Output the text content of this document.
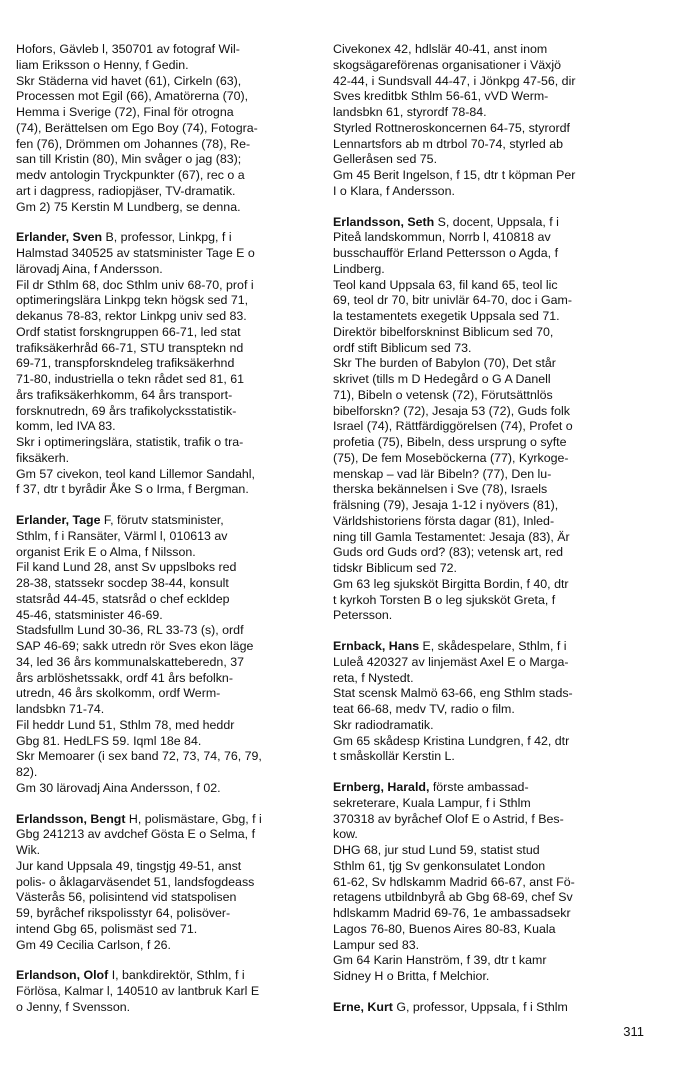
Hofors, Gävleb l, 350701 av fotograf Wil-
liam Eriksson o Henny, f Gedin.
Skr Städerna vid havet (61), Cirkeln (63),
Processen mot Egil (66), Amatörerna (70),
Hemma i Sverige (72), Final för otrogna
(74), Berättelsen om Ego Boy (74), Fotogra-
fen (76), Drömmen om Johannes (78), Re-
san till Kristin (80), Min svåger o jag (83);
medv antologin Tryckpunkter (67), rec o a
art i dagpress, radiopjäser, TV-dramatik.
Gm 2) 75 Kerstin M Lundberg, se denna.
Erlander, Sven B, professor, Linkpg, f i
Halmstad 340525 av statsminister Tage E o
lärovadj Aina, f Andersson.
Fil dr Sthlm 68, doc Sthlm univ 68-70, prof i
optimeringslära Linkpg tekn högsk sed 71,
dekanus 78-83, rektor Linkpg univ sed 83.
Ordf statist forskngruppen 66-71, led stat
trafiksäkerhråd 66-71, STU transptekn nd
69-71, transpforskndeleg trafiksäkerhnd
71-80, industriella o tekn rådet sed 81, 61
års trafiksäkerhkomm, 64 års transport-
forsknutredn, 69 års trafikolycksstatistik-
komm, led IVA 83.
Skr i optimeringslära, statistik, trafik o tra-
fiksäkerh.
Gm 57 civekon, teol kand Lillemor Sandahl,
f 37, dtr t byrådir Åke S o Irma, f Bergman.
Erlander, Tage F, förutv statsminister,
Sthlm, f i Ransäter, Värml l, 010613 av
organist Erik E o Alma, f Nilsson.
Fil kand Lund 28, anst Sv uppslboks red
28-38, statssekr socdep 38-44, konsult
statsråd 44-45, statsråd o chef eckldep
45-46, statsminister 46-69.
Stadsfullm Lund 30-36, RL 33-73 (s), ordf
SAP 46-69; sakk utredn rör Sves ekon läge
34, led 36 års kommunalskatteberedn, 37
års arblöshetssakk, ordf 41 års befolkn-
utredn, 46 års skolkomm, ordf Werm-
landsbkn 71-74.
Fil heddr Lund 51, Sthlm 78, med heddr
Gbg 81. HedLFS 59. Iqml 18e 84.
Skr Memoarer (i sex band 72, 73, 74, 76, 79,
82).
Gm 30 lärovadj Aina Andersson, f 02.
Erlandsson, Bengt H, polismästare, Gbg, f i
Gbg 241213 av avdchef Gösta E o Selma, f
Wik.
Jur kand Uppsala 49, tingstjg 49-51, anst
polis- o åklagarväsendet 51, landsfogdeass
Västerås 56, polisintend vid statspolisen
59, byråchef rikspolisstyr 64, polisöver-
intend Gbg 65, polismäst sed 71.
Gm 49 Cecilia Carlson, f 26.
Erlandson, Olof I, bankdirektör, Sthlm, f i
Förlösa, Kalmar l, 140510 av lantbruk Karl E
o Jenny, f Svensson.
Civekonex 42, hdlslär 40-41, anst inom
skogsägareförenas organisationer i Växjö
42-44, i Sundsvall 44-47, i Jönkpg 47-56, dir
Sves kreditbk Sthlm 56-61, vVD Werm-
landsbkn 61, styrordf 78-84.
Styrled Rottneroskoncernen 64-75, styrordf
Lennartsfors ab m dtrbol 70-74, styrled ab
Gelleråsen sed 75.
Gm 45 Berit Ingelson, f 15, dtr t köpman Per
I o Klara, f Andersson.
Erlandsson, Seth S, docent, Uppsala, f i
Piteå landskommun, Norrb l, 410818 av
busschaufför Erland Pettersson o Agda, f
Lindberg.
Teol kand Uppsala 63, fil kand 65, teol lic
69, teol dr 70, bitr univlär 64-70, doc i Gam-
la testamentets exegetik Uppsala sed 71.
Direktör bibelforskninst Biblicum sed 70,
ordf stift Biblicum sed 73.
Skr The burden of Babylon (70), Det står
skrivet (tills m D Hedegård o G A Danell
71), Bibeln o vetensk (72), Förutsättnlös
bibelforskn? (72), Jesaja 53 (72), Guds folk
Israel (74), Rättfärdiggörelsen (74), Profet o
profetia (75), Bibeln, dess ursprung o syfte
(75), De fem Moseböckerna (77), Kyrkoge-
menskap – vad lär Bibeln? (77), Den lu-
therska bekännelsen i Sve (78), Israels
frälsning (79), Jesaja 1-12 i nyövers (81),
Världshistoriens första dagar (81), Inled-
ning till Gamla Testamentet: Jesaja (83), Är
Guds ord Guds ord? (83); vetensk art, red
tidskr Biblicum sed 72.
Gm 63 leg sjuksköt Birgitta Bordin, f 40, dtr
t kyrkoh Torsten B o leg sjuksköt Greta, f
Petersson.
Ernback, Hans E, skådespelare, Sthlm, f i
Luleå 420327 av linjemäst Axel E o Marga-
reta, f Nystedt.
Stat scensk Malmö 63-66, eng Sthlm stads-
teat 66-68, medv TV, radio o film.
Skr radiodramatik.
Gm 65 skådesp Kristina Lundgren, f 42, dtr
t småskollär Kerstin L.
Ernberg, Harald, förste ambassad-
sekreterare, Kuala Lampur, f i Sthlm
370318 av byråchef Olof E o Astrid, f Bes-
kow.
DHG 68, jur stud Lund 59, statist stud
Sthlm 61, tjg Sv genkonsulatet London
61-62, Sv hdlskamm Madrid 66-67, anst Fö-
retagens utbildnbyrå ab Gbg 68-69, chef Sv
hdlskamm Madrid 69-76, 1e ambassadsekr
Lagos 76-80, Buenos Aires 80-83, Kuala
Lampur sed 83.
Gm 64 Karin Hanström, f 39, dtr t kamr
Sidney H o Britta, f Melchior.
Erne, Kurt G, professor, Uppsala, f i Sthlm
311
